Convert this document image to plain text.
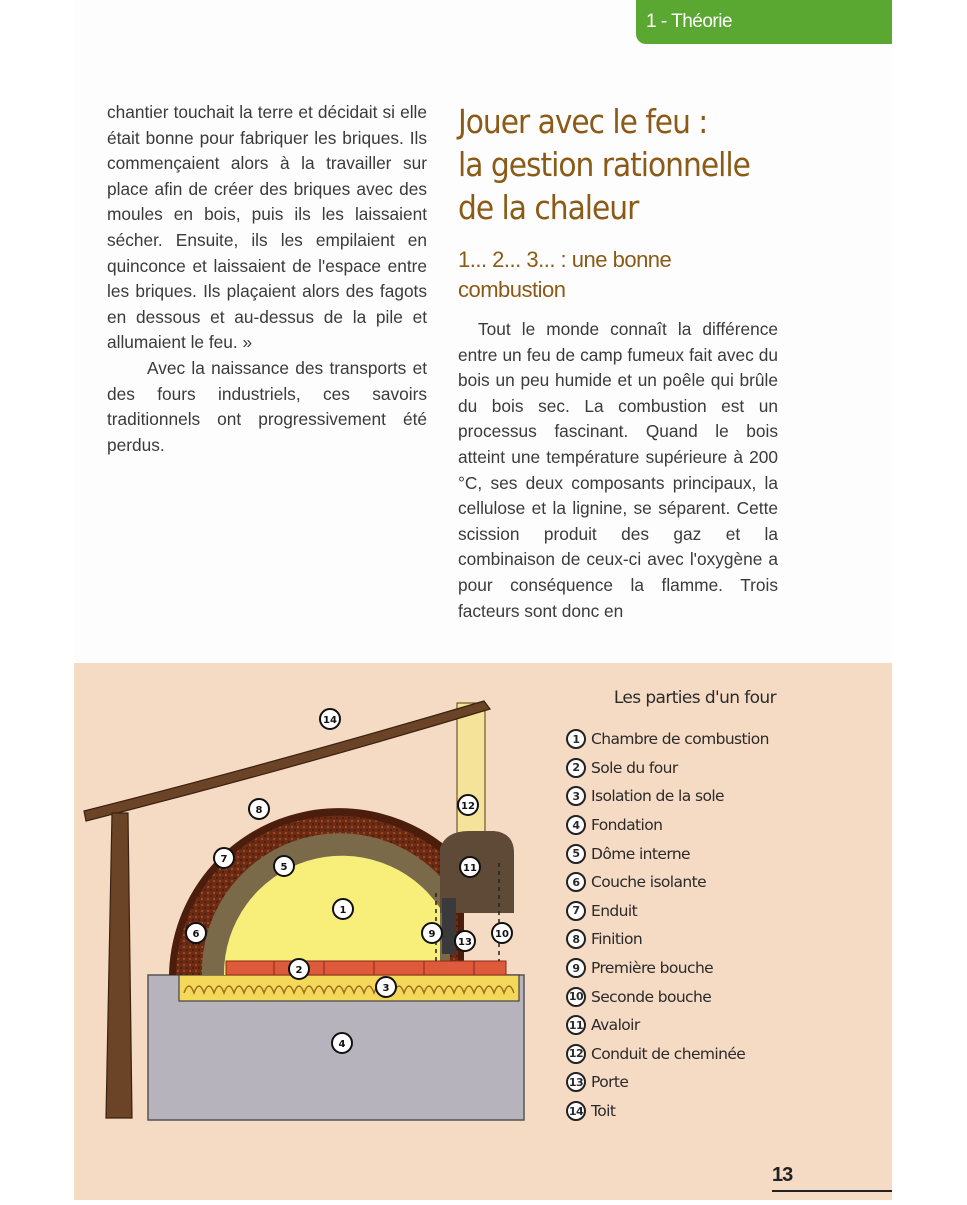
1 - Théorie

chantier touchait la terre et décidait si elle était bonne pour fabriquer les briques. Ils commençaient alors à la travailler sur place afin de créer des briques avec des moules en bois, puis ils les laissaient sécher. Ensuite, ils les empilaient en quinconce et laissaient de l'espace entre les briques. Ils plaçaient alors des fagots en dessous et au-dessus de la pile et allumaient le feu. »

Avec la naissance des transports et des fours industriels, ces savoirs traditionnels ont progressivement été perdus.

Jouer avec le feu :
la gestion rationnelle
de la chaleur
1... 2... 3... : une bonne combustion

Tout le monde connaît la différence entre un feu de camp fumeux fait avec du bois un peu humide et un poêle qui brûle du bois sec. La combustion est un processus fascinant. Quand le bois atteint une température supérieure à 200 °C, ses deux composants principaux, la cellulose et la lignine, se séparent. Cette scission produit des gaz et la combinaison de ceux-ci avec l'oxygène a pour conséquence la flamme. Trois facteurs sont donc en

14
8	12
7
5	11
1
6	9
13
10
2
3
4
Les parties d'un four
1 Chambre de combustion
2 Sole du four
3 Isolation de la sole
4 Fondation
5 Dôme interne
6 Couche isolante
7 Enduit
8 Finition
9 Première bouche
10 Seconde bouche
11 Avaloir
12 Conduit de cheminée
13 Porte
14 Toit
13
